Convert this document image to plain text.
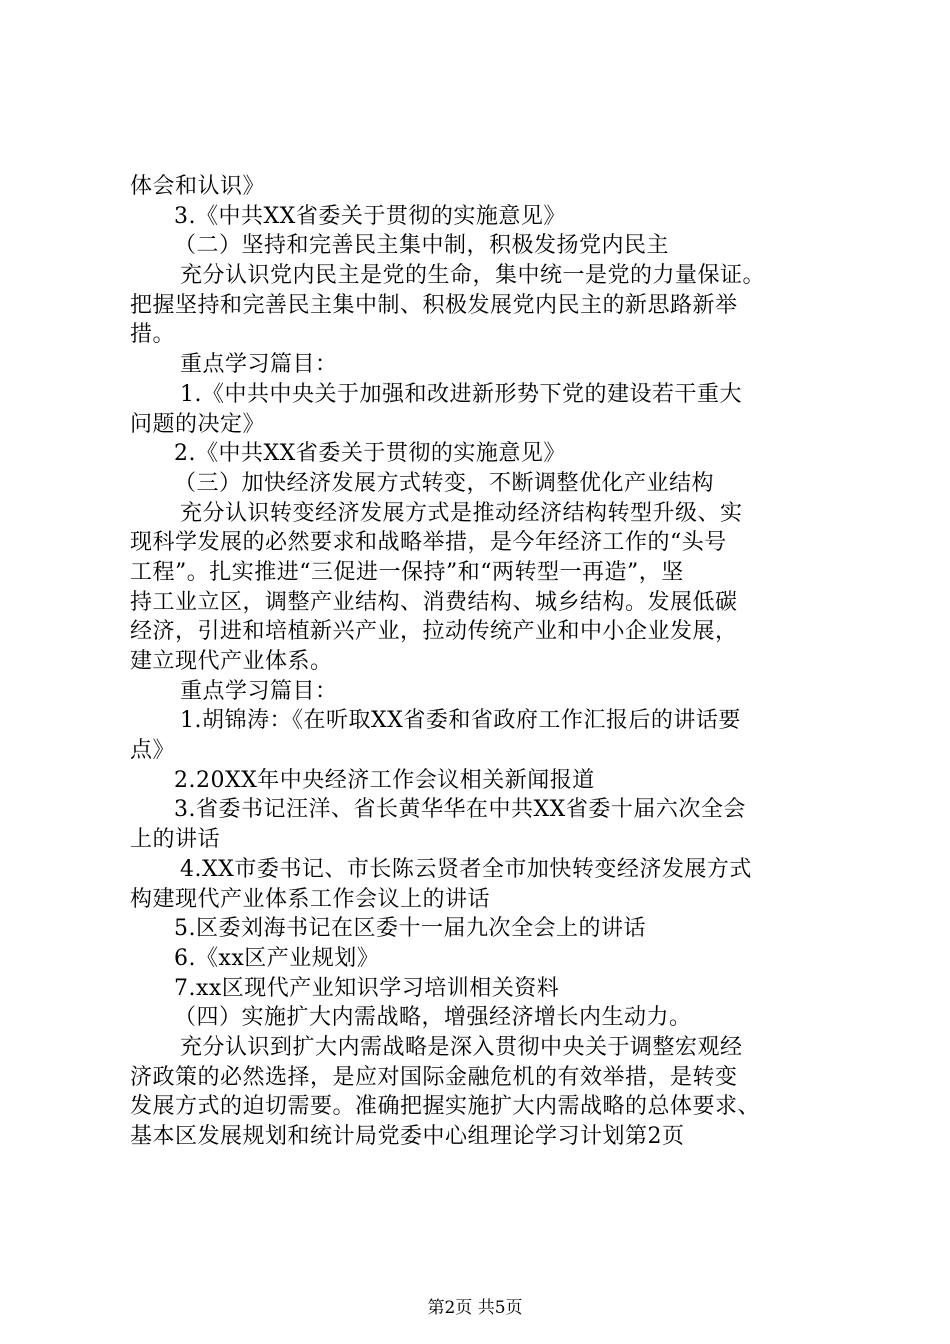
体会和认识》
3.《中共XX省委关于贯彻的实施意见》
（二）坚持和完善民主集中制，积极发扬党内民主
充分认识党内民主是党的生命，集中统一是党的力量保证。
把握坚持和完善民主集中制、积极发展党内民主的新思路新举
措。
重点学习篇目：
1.《中共中央关于加强和改进新形势下党的建设若干重大
问题的决定》
2.《中共XX省委关于贯彻的实施意见》
（三）加快经济发展方式转变，不断调整优化产业结构
充分认识转变经济发展方式是推动经济结构转型升级、实
现科学发展的必然要求和战略举措，是今年经济工作的“头号
工程”。扎实推进“三促进一保持”和“两转型一再造”，坚
持工业立区，调整产业结构、消费结构、城乡结构。发展低碳
经济，引进和培植新兴产业，拉动传统产业和中小企业发展，
建立现代产业体系。
重点学习篇目：
1.胡锦涛：《在听取XX省委和省政府工作汇报后的讲话要
点》
2.20XX年中央经济工作会议相关新闻报道
3.省委书记汪洋、省长黄华华在中共XX省委十届六次全会
上的讲话
4.XX市委书记、市长陈云贤者全市加快转变经济发展方式
构建现代产业体系工作会议上的讲话
5.区委刘海书记在区委十一届九次全会上的讲话
6.《xx区产业规划》
7.xx区现代产业知识学习培训相关资料
（四）实施扩大内需战略，增强经济增长内生动力。
充分认识到扩大内需战略是深入贯彻中央关于调整宏观经
济政策的必然选择，是应对国际金融危机的有效举措，是转变
发展方式的迫切需要。准确把握实施扩大内需战略的总体要求、
基本区发展规划和统计局党委中心组理论学习计划第2页
第2页 共5页
